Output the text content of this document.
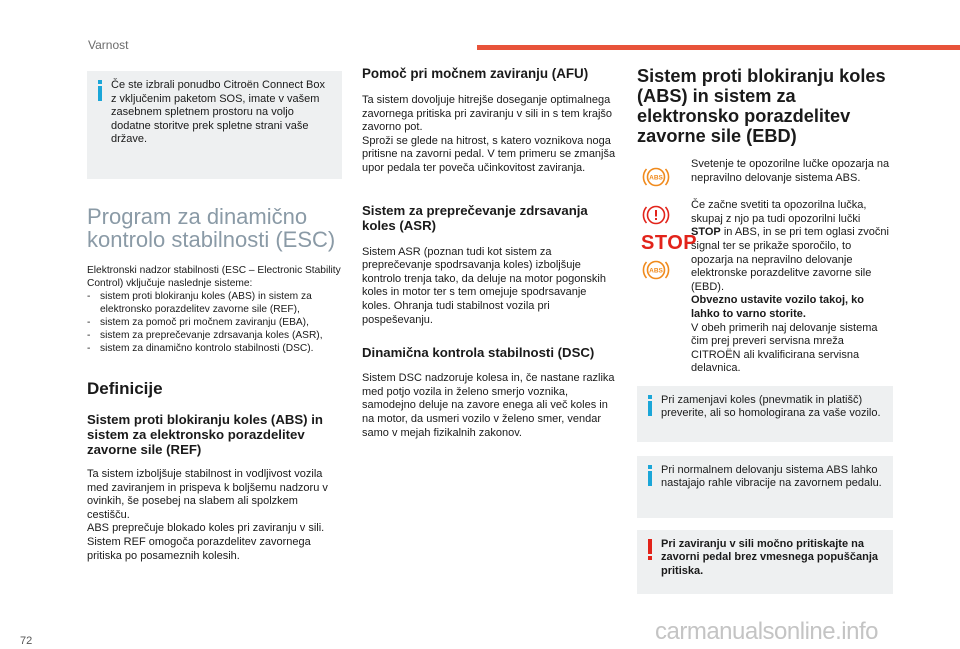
Varnost
Če ste izbrali ponudbo Citroën Connect Box z vključenim paketom SOS, imate v vašem zasebnem spletnem prostoru na voljo dodatne storitve prek spletne strani vaše države.
Program za dinamično kontrolo stabilnosti (ESC)

Elektronski nadzor stabilnosti (ESC – Electronic Stability Control) vključuje naslednje sisteme:

- sistem proti blokiranju koles (ABS) in sistem za elektronsko porazdelitev zavorne sile (REF),
- sistem za pomoč pri močnem zaviranju (EBA),
- sistem za preprečevanje zdrsavanja koles (ASR),
- sistem za dinamično kontrolo stabilnosti (DSC).
Definicije
Sistem proti blokiranju koles (ABS) in sistem za elektronsko porazdelitev zavorne sile (REF)

Ta sistem izboljšuje stabilnost in vodljivost vozila med zaviranjem in prispeva k boljšemu nadzoru v ovinkih, še posebej na slabem ali spolzkem cestišču.

ABS preprečuje blokado koles pri zaviranju v sili.

Sistem REF omogoča porazdelitev zavornega pritiska po posameznih kolesih.

Pomoč pri močnem zaviranju (AFU)

Ta sistem dovoljuje hitrejše doseganje optimalnega zavornega pritiska pri zaviranju v sili in s tem krajšo zavorno pot.

Sproži se glede na hitrost, s katero voznikova noga pritisne na zavorni pedal. V tem primeru se zmanjša upor pedala ter poveča učinkovitost zaviranja.

Sistem za preprečevanje zdrsavanja koles (ASR)

Sistem ASR (poznan tudi kot sistem za preprečevanje spodrsavanja koles) izboljšuje kontrolo trenja tako, da deluje na motor pogonskih koles in motor ter s tem omejuje spodrsavanje koles. Ohranja tudi stabilnost vozila pri pospeševanju.

Dinamična kontrola stabilnosti (DSC)

Sistem DSC nadzoruje kolesa in, če nastane razlika med potjo vozila in želeno smerjo voznika, samodejno deluje na zavore enega ali več koles in na motor, da usmeri vozilo v želeno smer, vendar samo v mejah fizikalnih zakonov.

Sistem proti blokiranju koles (ABS) in sistem za elektronsko porazdelitev zavorne sile (EBD)
ABS

Svetenje te opozorilne lučke opozarja na nepravilno delovanje sistema ABS.

STOP
ABS

Če začne svetiti ta opozorilna lučka, skupaj z njo pa tudi opozorilni lučki STOP in ABS, in se pri tem oglasi zvočni signal ter se prikaže sporočilo, to opozarja na nepravilno delovanje elektronske porazdelitve zavorne sile (EBD).

Obvezno ustavite vozilo takoj, ko lahko to varno storite.

V obeh primerih naj delovanje sistema čim prej preveri servisna mreža CITROËN ali kvalificirana servisna delavnica.

Pri zamenjavi koles (pnevmatik in platišč) preverite, ali so homologirana za vaše vozilo.
Pri normalnem delovanju sistema ABS lahko nastajajo rahle vibracije na zavornem pedalu.
Pri zaviranju v sili močno pritiskajte na zavorni pedal brez vmesnega popuščanja pritiska.
72	carmanualsonline.info
